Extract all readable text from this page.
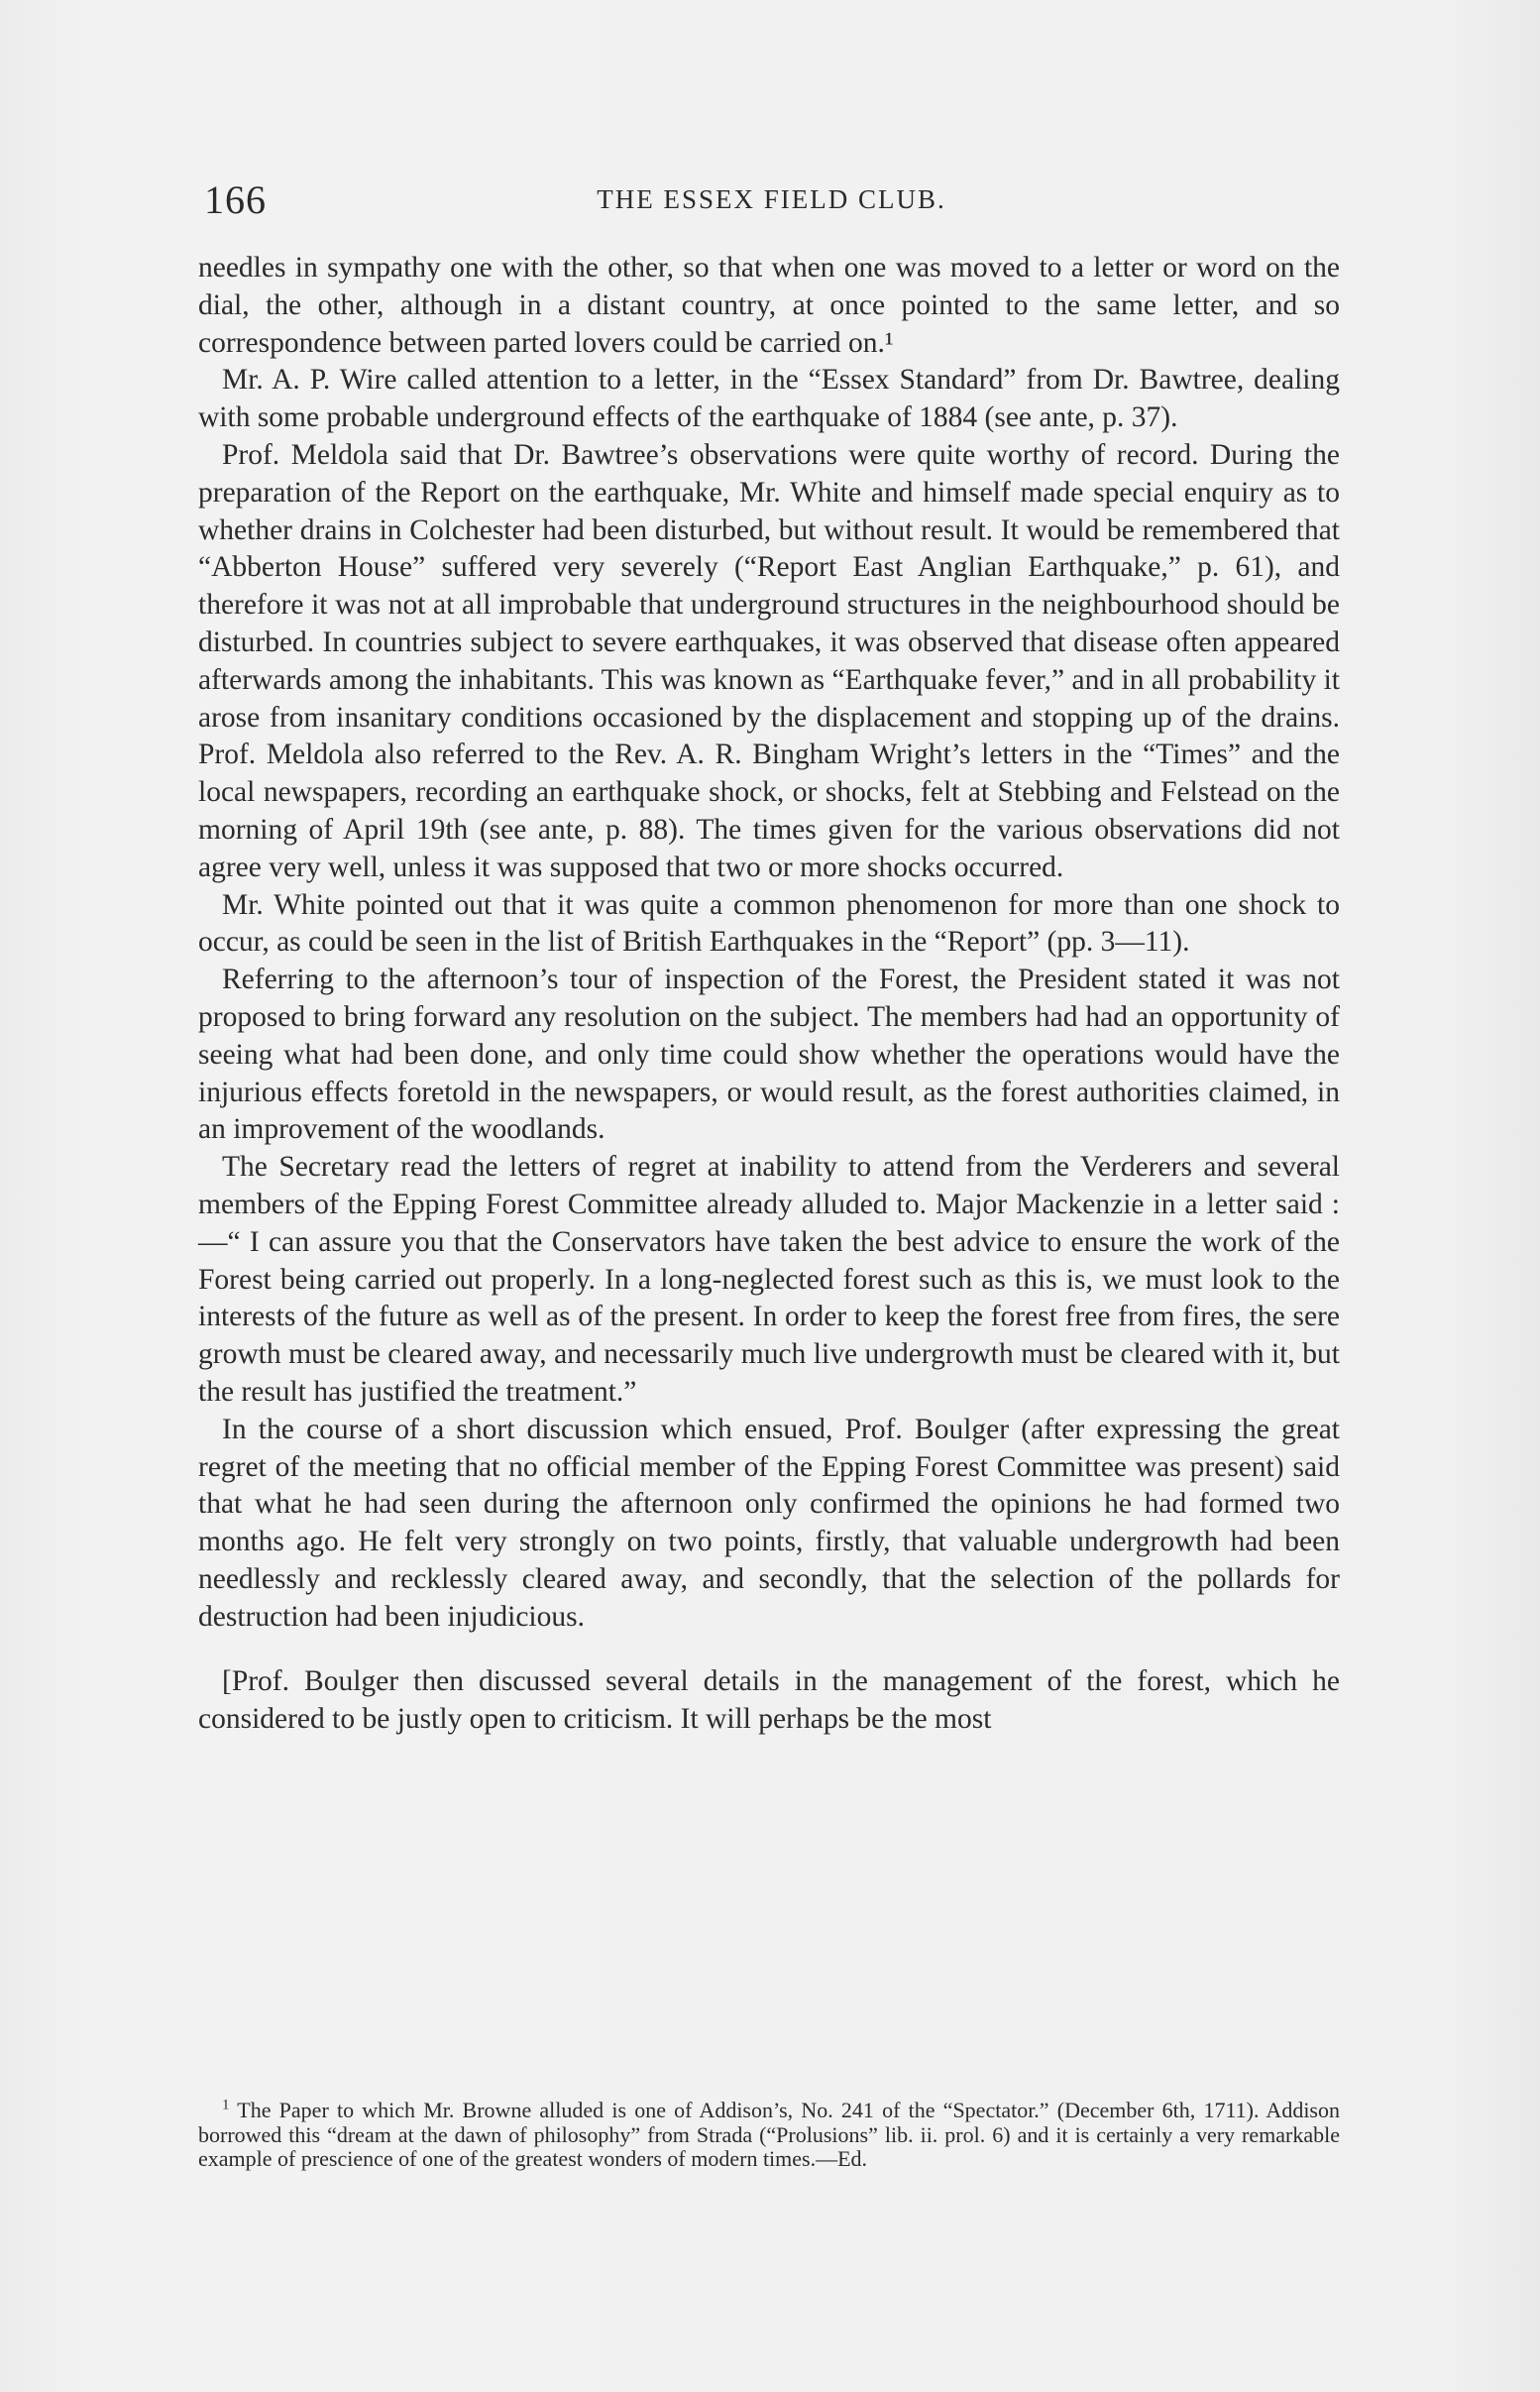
166	THE ESSEX FIELD CLUB.

needles in sympathy one with the other, so that when one was moved to a letter or word on the dial, the other, although in a distant country, at once pointed to the same letter, and so correspondence between parted lovers could be carried on.¹

Mr. A. P. Wire called attention to a letter, in the “Essex Standard” from Dr. Bawtree, dealing with some probable underground effects of the earthquake of 1884 (see ante, p. 37).

Prof. Meldola said that Dr. Bawtree’s observations were quite worthy of record. During the preparation of the Report on the earthquake, Mr. White and himself made special enquiry as to whether drains in Colchester had been disturbed, but without result. It would be remembered that “Abberton House” suffered very severely (“Report East Anglian Earthquake,” p. 61), and therefore it was not at all improbable that underground structures in the neighbourhood should be disturbed. In countries subject to severe earthquakes, it was observed that disease often appeared afterwards among the inhabitants. This was known as “Earthquake fever,” and in all probability it arose from insanitary conditions occasioned by the displacement and stopping up of the drains. Prof. Meldola also referred to the Rev. A. R. Bingham Wright’s letters in the “Times” and the local newspapers, recording an earthquake shock, or shocks, felt at Stebbing and Felstead on the morning of April 19th (see ante, p. 88). The times given for the various observations did not agree very well, unless it was supposed that two or more shocks occurred.

Mr. White pointed out that it was quite a common phenomenon for more than one shock to occur, as could be seen in the list of British Earthquakes in the “Report” (pp. 3—11).

Referring to the afternoon’s tour of inspection of the Forest, the President stated it was not proposed to bring forward any resolution on the subject. The members had had an opportunity of seeing what had been done, and only time could show whether the operations would have the injurious effects foretold in the newspapers, or would result, as the forest authorities claimed, in an improvement of the woodlands.

The Secretary read the letters of regret at inability to attend from the Verderers and several members of the Epping Forest Committee already alluded to. Major Mackenzie in a letter said :—“ I can assure you that the Conservators have taken the best advice to ensure the work of the Forest being carried out properly. In a long-neglected forest such as this is, we must look to the interests of the future as well as of the present. In order to keep the forest free from fires, the sere growth must be cleared away, and necessarily much live undergrowth must be cleared with it, but the result has justified the treatment.”

In the course of a short discussion which ensued, Prof. Boulger (after expressing the great regret of the meeting that no official member of the Epping Forest Committee was present) said that what he had seen during the afternoon only confirmed the opinions he had formed two months ago. He felt very strongly on two points, firstly, that valuable undergrowth had been needlessly and recklessly cleared away, and secondly, that the selection of the pollards for destruction had been injudicious.

[Prof. Boulger then discussed several details in the management of the forest, which he considered to be justly open to criticism. It will perhaps be the most

$^1$ The Paper to which Mr. Browne alluded is one of Addison’s, No. 241 of the “Spectator.” (December 6th, 1711). Addison borrowed this “dream at the dawn of philosophy” from Strada (“Prolusions” lib. ii. prol. 6) and it is certainly a very remarkable example of prescience of one of the greatest wonders of modern times.—Ed.
